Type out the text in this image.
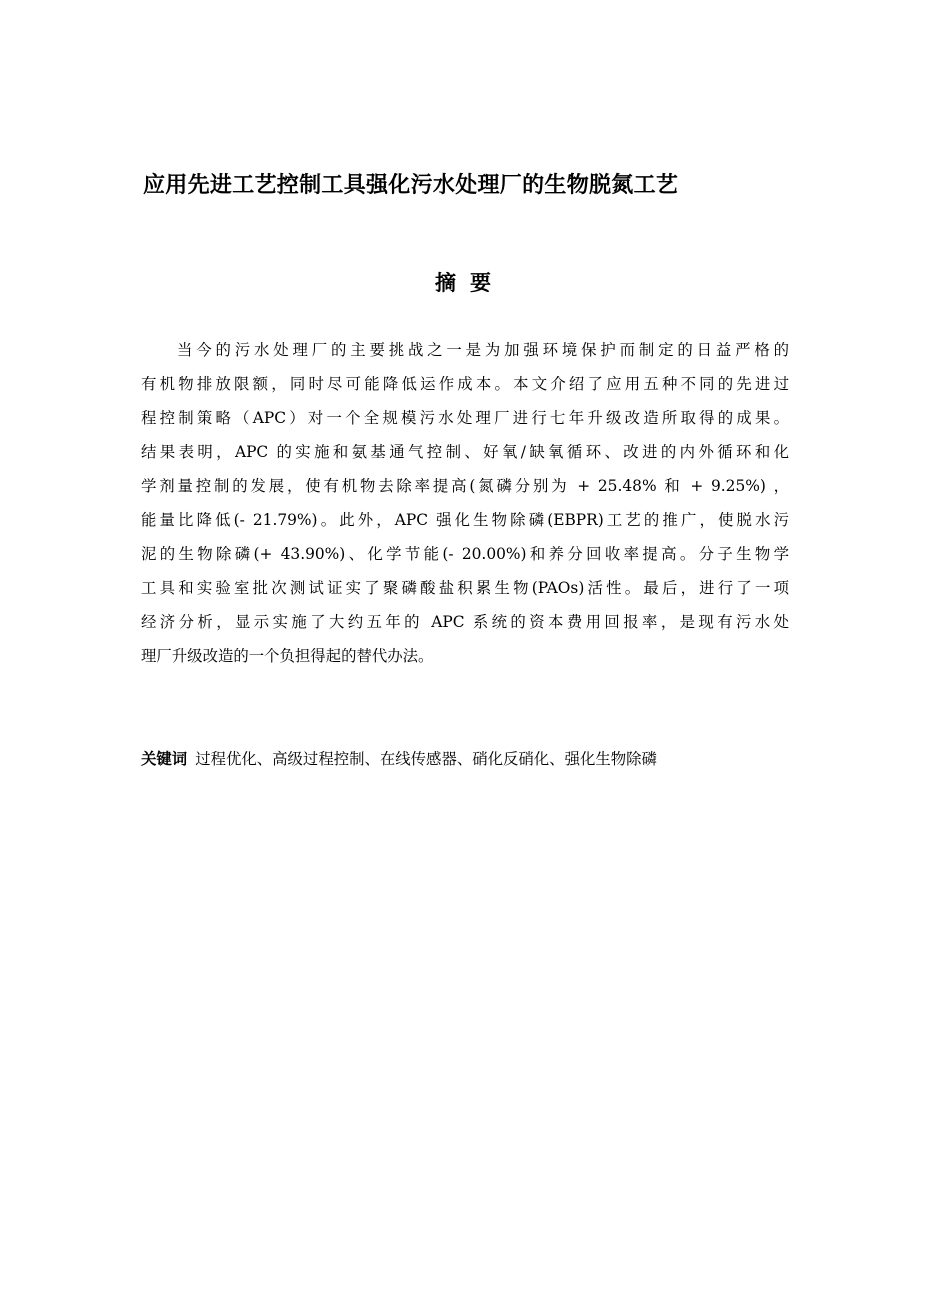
应用先进工艺控制工具强化污水处理厂的生物脱氮工艺
摘要
当今的污水处理厂的主要挑战之一是为加强环境保护而制定的日益严格的
有机物排放限额，同时尽可能降低运作成本。本文介绍了应用五种不同的先进过
程控制策略（APC）对一个全规模污水处理厂进行七年升级改造所取得的成果。
结果表明，APC 的实施和氨基通气控制、好氧/缺氧循环、改进的内外循环和化
学剂量控制的发展，使有机物去除率提高(氮磷分别为 + 25.48% 和 + 9.25%) ，
能量比降低(- 21.79%)。此外，APC 强化生物除磷(EBPR)工艺的推广，使脱水污
泥的生物除磷(+ 43.90%)、化学节能(- 20.00%)和养分回收率提高。分子生物学
工具和实验室批次测试证实了聚磷酸盐积累生物(PAOs)活性。最后，进行了一项
经济分析，显示实施了大约五年的 APC 系统的资本费用回报率，是现有污水处
理厂升级改造的一个负担得起的替代办法。
关键词 过程优化、高级过程控制、在线传感器、硝化反硝化、强化生物除磷
